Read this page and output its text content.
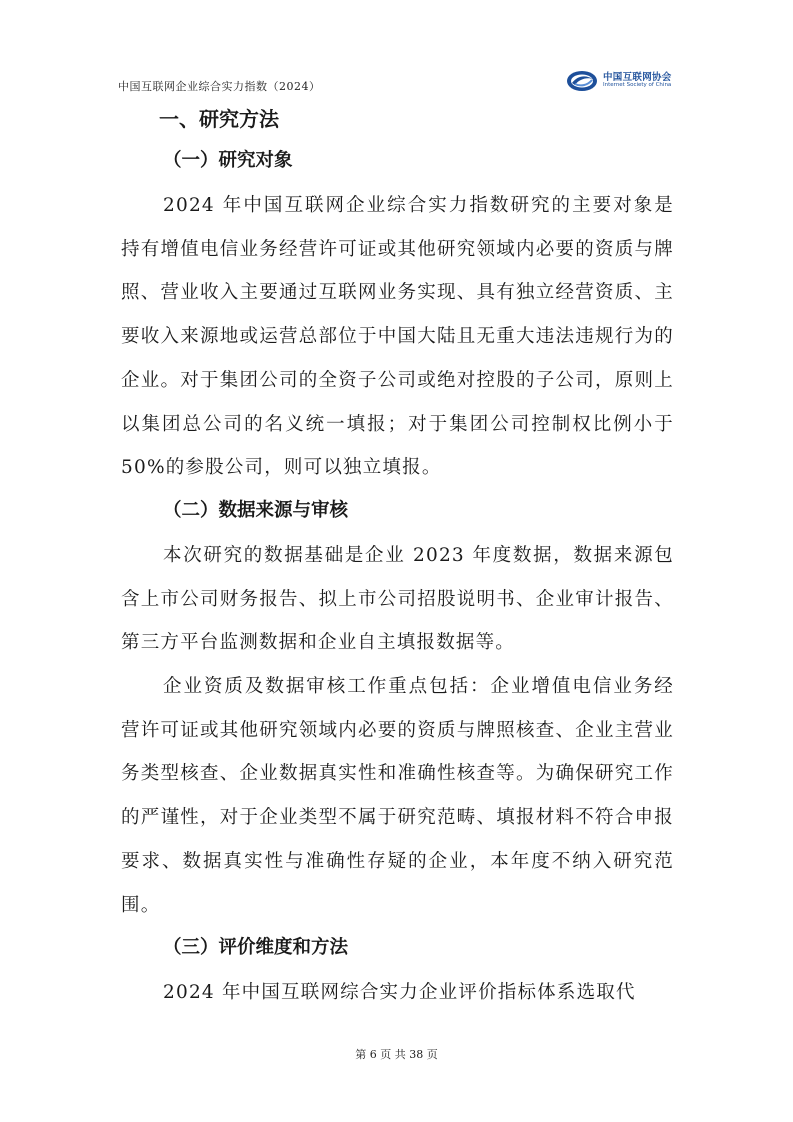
中国互联网企业综合实力指数（2024）
中国互联网协会
Internet Society of China
一、研究方法
（一）研究对象

2024 年中国互联网企业综合实力指数研究的主要对象是持有增值电信业务经营许可证或其他研究领域内必要的资质与牌照、营业收入主要通过互联网业务实现、具有独立经营资质、主要收入来源地或运营总部位于中国大陆且无重大违法违规行为的企业。对于集团公司的全资子公司或绝对控股的子公司，原则上以集团总公司的名义统一填报；对于集团公司控制权比例小于 50%的参股公司，则可以独立填报。

（二）数据来源与审核

本次研究的数据基础是企业 2023 年度数据，数据来源包含上市公司财务报告、拟上市公司招股说明书、企业审计报告、第三方平台监测数据和企业自主填报数据等。

企业资质及数据审核工作重点包括：企业增值电信业务经营许可证或其他研究领域内必要的资质与牌照核查、企业主营业务类型核查、企业数据真实性和准确性核查等。为确保研究工作的严谨性，对于企业类型不属于研究范畴、填报材料不符合申报要求、数据真实性与准确性存疑的企业，本年度不纳入研究范围。

（三）评价维度和方法

2024 年中国互联网综合实力企业评价指标体系选取代

第 6 页 共 38 页
